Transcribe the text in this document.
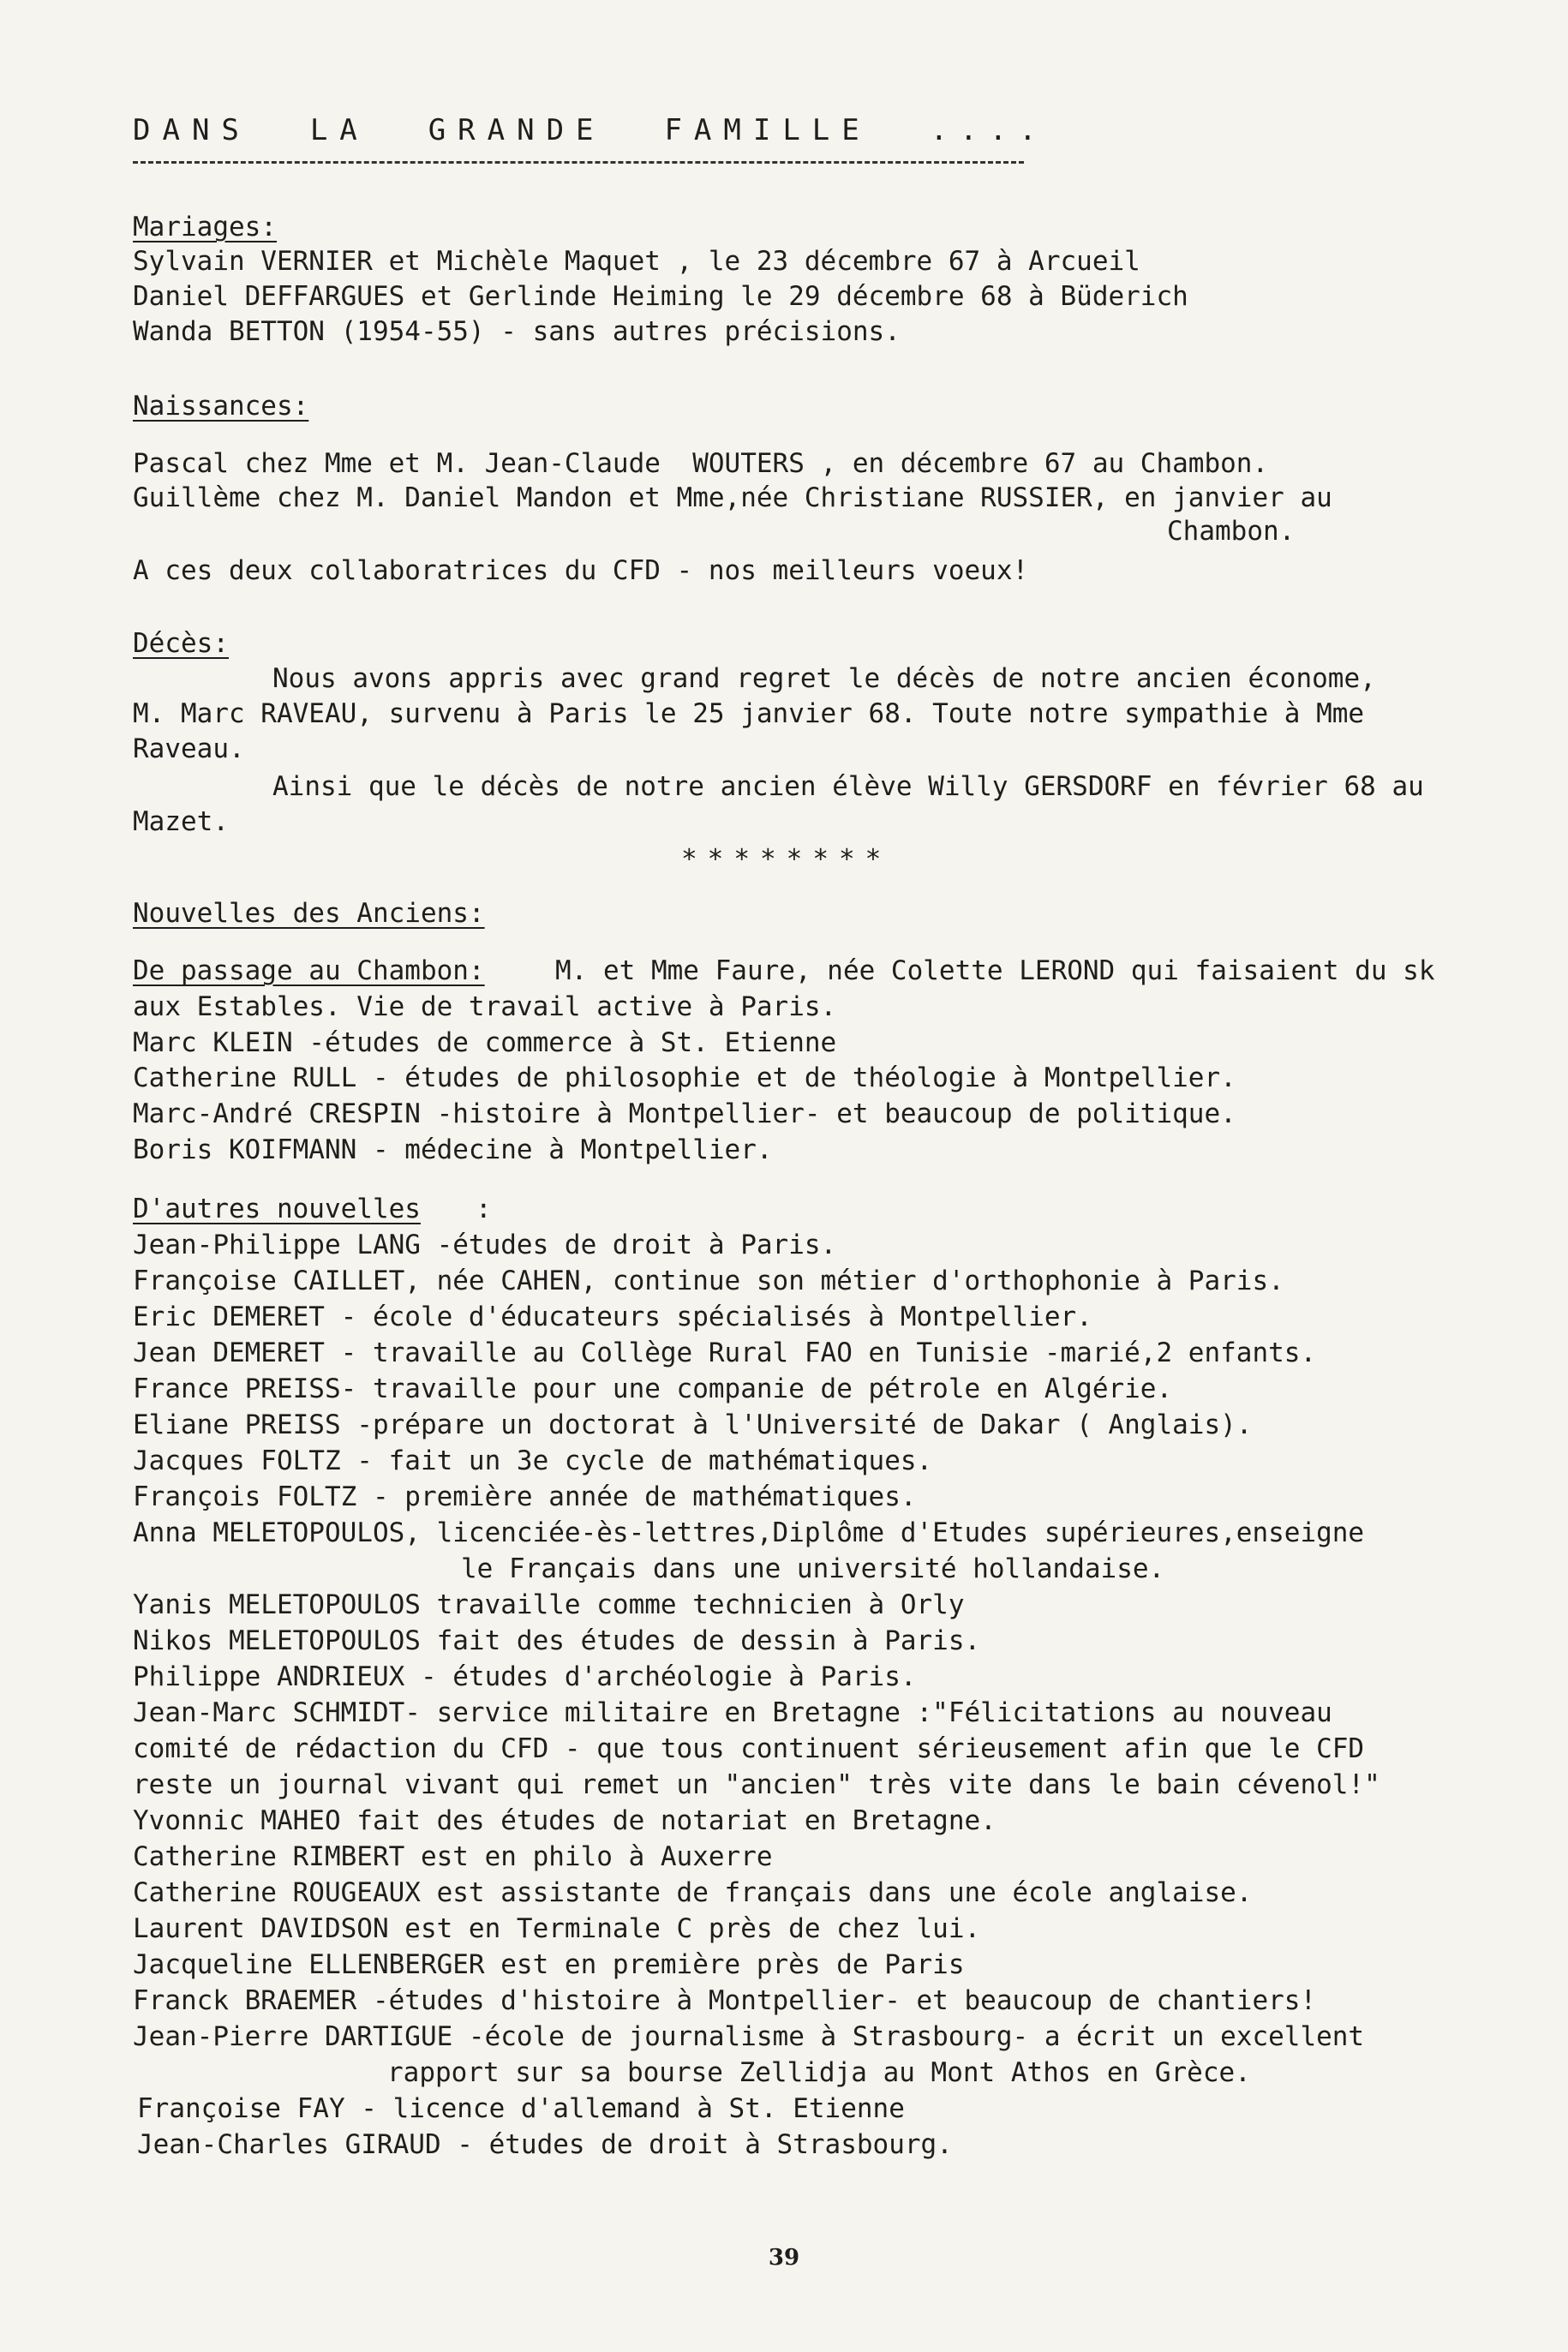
DANS  LA  GRANDE  FAMILLE  ....
Mariages:
Sylvain VERNIER et Michèle Maquet , le 23 décembre 67 à Arcueil
Daniel DEFFARGUES et Gerlinde Heiming le 29 décembre 68 à Büderich
Wanda BETTON (1954-55) - sans autres précisions.
Naissances:
Pascal chez Mme et M. Jean-Claude  WOUTERS , en décembre 67 au Chambon.
Guillème chez M. Daniel Mandon et Mme,née Christiane RUSSIER, en janvier au
Chambon.
A ces deux collaboratrices du CFD - nos meilleurs voeux!
Décès:
Nous avons appris avec grand regret le décès de notre ancien économe,
M. Marc RAVEAU, survenu à Paris le 25 janvier 68. Toute notre sympathie à Mme
Raveau.
Ainsi que le décès de notre ancien élève Willy GERSDORF en février 68 au
Mazet.
********
Nouvelles des Anciens:
De passage au Chambon:	M. et Mme Faure, née Colette LEROND qui faisaient du sk
aux Estables. Vie de travail active à Paris.
Marc KLEIN -études de commerce à St. Etienne
Catherine RULL - études de philosophie et de théologie à Montpellier.
Marc-André CRESPIN -histoire à Montpellier- et beaucoup de politique.
Boris KOIFMANN - médecine à Montpellier.
D'autres nouvelles :
Jean-Philippe LANG -études de droit à Paris.
Françoise CAILLET, née CAHEN, continue son métier d'orthophonie à Paris.
Eric DEMERET - école d'éducateurs spécialisés à Montpellier.
Jean DEMERET - travaille au Collège Rural FAO en Tunisie -marié,2 enfants.
France PREISS- travaille pour une companie de pétrole en Algérie.
Eliane PREISS -prépare un doctorat à l'Université de Dakar ( Anglais).
Jacques FOLTZ - fait un 3e cycle de mathématiques.
François FOLTZ - première année de mathématiques.
Anna MELETOPOULOS, licenciée-ès-lettres,Diplôme d'Etudes supérieures,enseigne
le Français dans une université hollandaise.
Yanis MELETOPOULOS travaille comme technicien à Orly
Nikos MELETOPOULOS fait des études de dessin à Paris.
Philippe ANDRIEUX - études d'archéologie à Paris.
Jean-Marc SCHMIDT- service militaire en Bretagne :"Félicitations au nouveau
comité de rédaction du CFD - que tous continuent sérieusement afin que le CFD
reste un journal vivant qui remet un "ancien" très vite dans le bain cévenol!"
Yvonnic MAHEO fait des études de notariat en Bretagne.
Catherine RIMBERT est en philo à Auxerre
Catherine ROUGEAUX est assistante de français dans une école anglaise.
Laurent DAVIDSON est en Terminale C près de chez lui.
Jacqueline ELLENBERGER est en première près de Paris
Franck BRAEMER -études d'histoire à Montpellier- et beaucoup de chantiers!
Jean-Pierre DARTIGUE -école de journalisme à Strasbourg- a écrit un excellent
rapport sur sa bourse Zellidja au Mont Athos en Grèce.
Françoise FAY - licence d'allemand à St. Etienne
Jean-Charles GIRAUD - études de droit à Strasbourg.
39
